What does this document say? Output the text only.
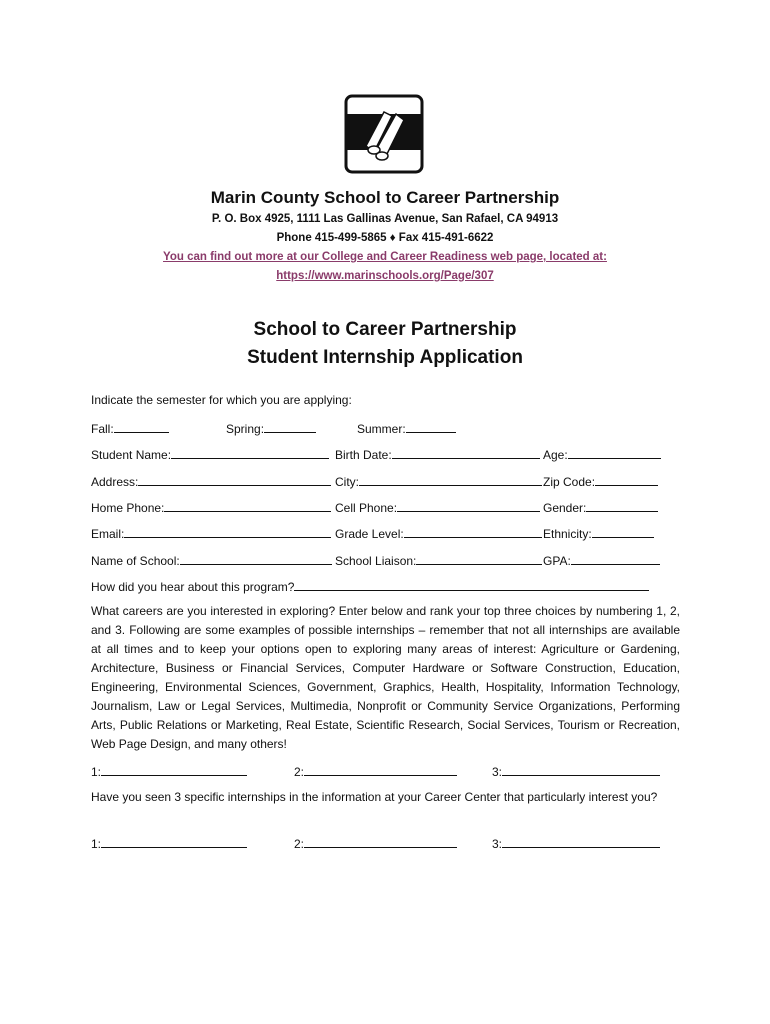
Marin County School to Career Partnership
P. O. Box 4925, 1111 Las Gallinas Avenue, San Rafael, CA 94913
Phone 415-499-5865 ♦ Fax 415-491-6622
You can find out more at our College and Career Readiness web page, located at:
https://www.marinschools.org/Page/307
School to Career Partnership
Student Internship Application
Indicate the semester for which you are applying:
Fall:	Spring:	Summer:
Student Name:	Birth Date:	Age:
Address:	City:	Zip Code:
Home Phone:	Cell Phone:	Gender:
Email:	Grade Level:	Ethnicity:
Name of School:	School Liaison:	GPA:
How did you hear about this program?
What careers are you interested in exploring? Enter below and rank your top three choices by numbering 1, 2, and 3. Following are some examples of possible internships – remember that not all internships are available at all times and to keep your options open to exploring many areas of interest: Agriculture or Gardening, Architecture, Business or Financial Services, Computer Hardware or Software Construction, Education, Engineering, Environmental Sciences, Government, Graphics, Health, Hospitality, Information Technology, Journalism, Law or Legal Services, Multimedia, Nonprofit or Community Service Organizations, Performing Arts, Public Relations or Marketing, Real Estate, Scientific Research, Social Services, Tourism or Recreation, Web Page Design, and many others!
1:	2:	3:
Have you seen 3 specific internships in the information at your Career Center that particularly interest you?
1:	2:	3:
